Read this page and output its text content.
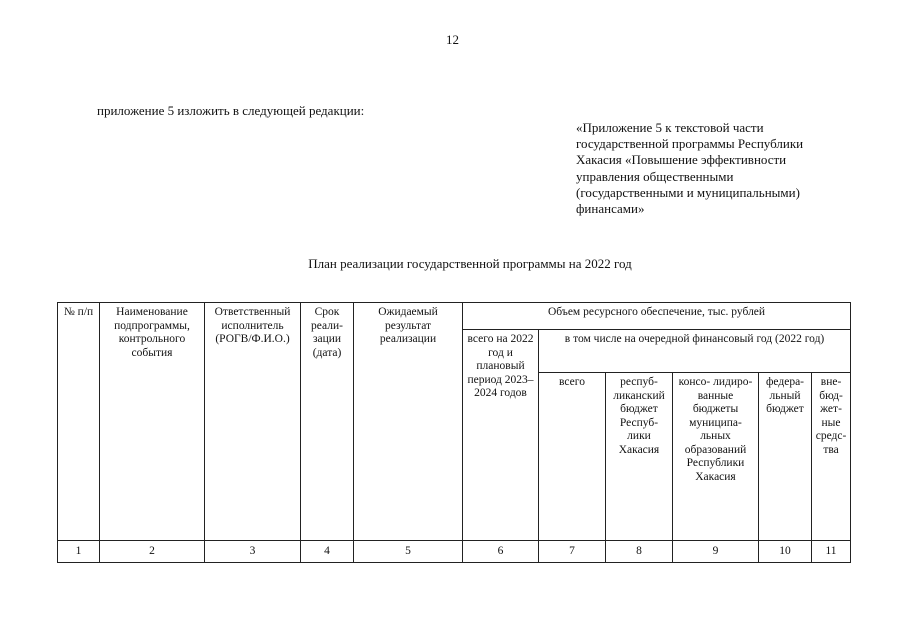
12
приложение 5 изложить в следующей редакции:
«Приложение 5 к текстовой части государственной программы Республики Хакасия «Повышение эффективности управления общественными (государственными и муниципальными) финансами»
План реализации государственной программы на 2022 год
№ п/п	Наименование подпрограммы, контрольного события	Ответственный исполнитель (РОГВ/Ф.И.О.)	Срок реали- зации (дата)	Ожидаемый результат реализации	Объем ресурсного обеспечение, тыс. рублей					
					всего на 2022 год и плановый период 2023–2024 годов	в том числе на очередной финансовый год (2022 год)				
						всего	респуб- ликанский бюджет Респуб- лики Хакасия	консо- лидиро- ванные бюджеты муниципа- льных образований Республики Хакасия	федера- льный бюджет	вне- бюд- жет- ные средс- тва
1	2	3	4	5	6	7	8	9	10	11
